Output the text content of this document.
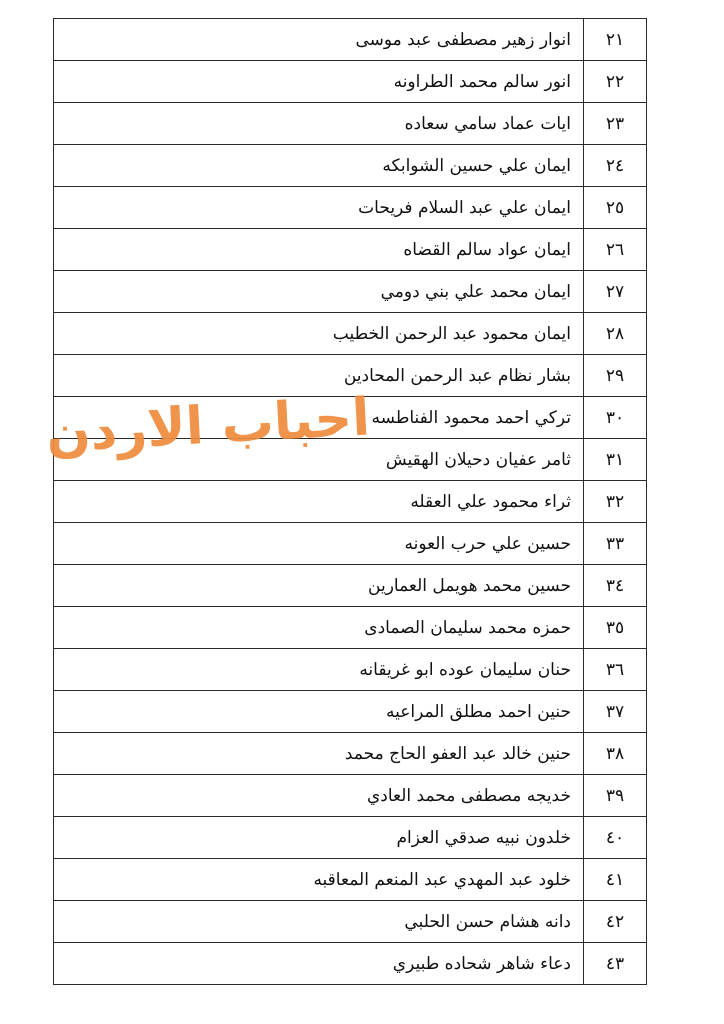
٢١	انوار زهير مصطفى عبد موسى
٢٢	انور سالم محمد الطراونه
٢٣	ايات عماد سامي سعاده
٢٤	ايمان علي حسين الشوابكه
٢٥	ايمان علي عبد السلام فريحات
٢٦	ايمان عواد سالم القضاه
٢٧	ايمان محمد علي بني دومي
٢٨	ايمان محمود عبد الرحمن الخطيب
٢٩	بشار نظام عبد الرحمن المحادين
٣٠	تركي احمد محمود الفناطسه
٣١	ثامر عفيان دحيلان الهقيش
٣٢	ثراء محمود علي العقله
٣٣	حسين علي حرب العونه
٣٤	حسين محمد هويمل العمارين
٣٥	حمزه محمد سليمان الصمادى
٣٦	حنان سليمان عوده ابو غريقانه
٣٧	حنين احمد مطلق المراعيه
٣٨	حنين خالد عبد العفو الحاج محمد
٣٩	خديجه مصطفى محمد العادي
٤٠	خلدون نبيه صدقي العزام
٤١	خلود عبد المهدي عبد المنعم المعاقبه
٤٢	دانه هشام حسن الحلبي
٤٣	دعاء شاهر شحاده طبيري
احباب الاردن
